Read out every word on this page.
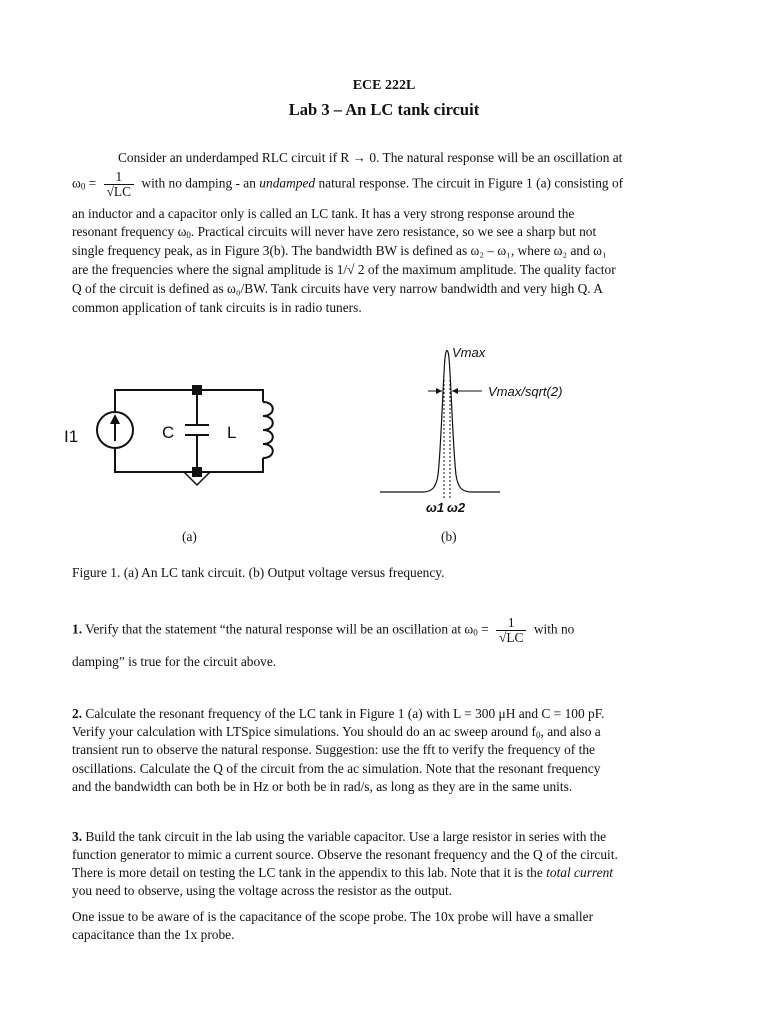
ECE 222L
Lab 3 – An LC tank circuit
Consider an underdamped RLC circuit if R → 0. The natural response will be an oscillation at
$\omega_0 = \frac{1}{√LC}$ with no damping - an undamped natural response. The circuit in Figure 1 (a) consisting of
an inductor and a capacitor only is called an LC tank. It has a very strong response around the
resonant frequency $\omega_0$. Practical circuits will never have zero resistance, so we see a sharp but not
single frequency peak, as in Figure 3(b). The bandwidth BW is defined as ω₂ – ω₁, where ω₂ and ω₁
are the frequencies where the signal amplitude is 1/√ 2 of the maximum amplitude. The quality factor
Q of the circuit is defined as ω₀/BW. Tank circuits have very narrow bandwidth and very high Q. A
common application of tank circuits is in radio tuners.
I1	C	L
Vmax
Vmax/sqrt(2)
ω1 ω2
(a)	(b)
Figure 1. (a) An LC tank circuit. (b) Output voltage versus frequency.
1. Verify that the statement “the natural response will be an oscillation at $\omega_0 = \frac{1}{√LC}$ with no
damping” is true for the circuit above.
2. Calculate the resonant frequency of the LC tank in Figure 1 (a) with L = 300 μH and C = 100 pF.
Verify your calculation with LTSpice simulations. You should do an ac sweep around $f_0$, and also a
transient run to observe the natural response. Suggestion: use the fft to verify the frequency of the
oscillations. Calculate the Q of the circuit from the ac simulation. Note that the resonant frequency
and the bandwidth can both be in Hz or both be in rad/s, as long as they are in the same units.
3. Build the tank circuit in the lab using the variable capacitor. Use a large resistor in series with the
function generator to mimic a current source. Observe the resonant frequency and the Q of the circuit.
There is more detail on testing the LC tank in the appendix to this lab. Note that it is the total current
you need to observe, using the voltage across the resistor as the output.
One issue to be aware of is the capacitance of the scope probe. The 10x probe will have a smaller
capacitance than the 1x probe.
